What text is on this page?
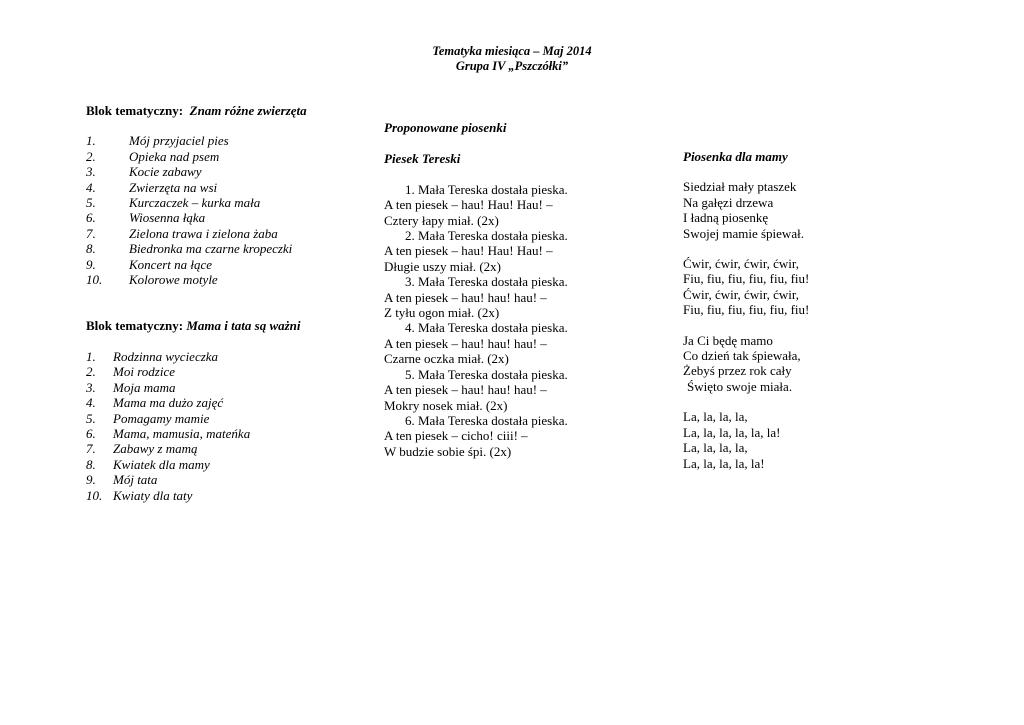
Tematyka miesiąca – Maj 2014
Grupa IV „Pszczółki”
Blok tematyczny: Znam różne zwierzęta
1.	Mój przyjaciel pies
2.	Opieka nad psem
3.	Kocie zabawy
4.	Zwierzęta na wsi
5.	Kurczaczek – kurka mała
6.	Wiosenna łąka
7.	Zielona trawa i zielona żaba
8.	Biedronka ma czarne kropeczki
9.	Koncert na łące
10. Kolorowe motyle
Blok tematyczny: Mama i tata są ważni
1. Rodzinna wycieczka
2. Moi rodzice
3. Moja mama
4. Mama ma dużo zajęć
5. Pomagamy mamie
6. Mama, mamusia, mateńka
7. Zabawy z mamą
8. Kwiatek dla mamy
9. Mój tata
10. Kwiaty dla taty
Proponowane piosenki
Piesek Tereski
1. Mała Tereska dostała pieska.
A ten piesek – hau! Hau! Hau! –
Cztery łapy miał. (2x)
2. Mała Tereska dostała pieska.
A ten piesek – hau! Hau! Hau! –
Długie uszy miał. (2x)
3. Mała Tereska dostała pieska.
A ten piesek – hau! hau! hau! –
Z tyłu ogon miał. (2x)
4. Mała Tereska dostała pieska.
A ten piesek – hau! hau! hau! –
Czarne oczka miał. (2x)
5. Mała Tereska dostała pieska.
A ten piesek – hau! hau! hau! –
Mokry nosek miał. (2x)
6. Mała Tereska dostała pieska.
A ten piesek – cicho! ciii! –
W budzie sobie śpi. (2x)
Piosenka dla mamy
Siedział mały ptaszek
Na gałęzi drzewa
I ładną piosenkę
Swojej mamie śpiewał.
Ćwir, ćwir, ćwir, ćwir,
Fiu, fiu, fiu, fiu, fiu, fiu!
Ćwir, ćwir, ćwir, ćwir,
Fiu, fiu, fiu, fiu, fiu, fiu!
Ja Ci będę mamo
Co dzień tak śpiewała,
Żebyś przez rok cały
Święto swoje miała.
La, la, la, la,
La, la, la, la, la, la!
La, la, la, la,
La, la, la, la, la!
